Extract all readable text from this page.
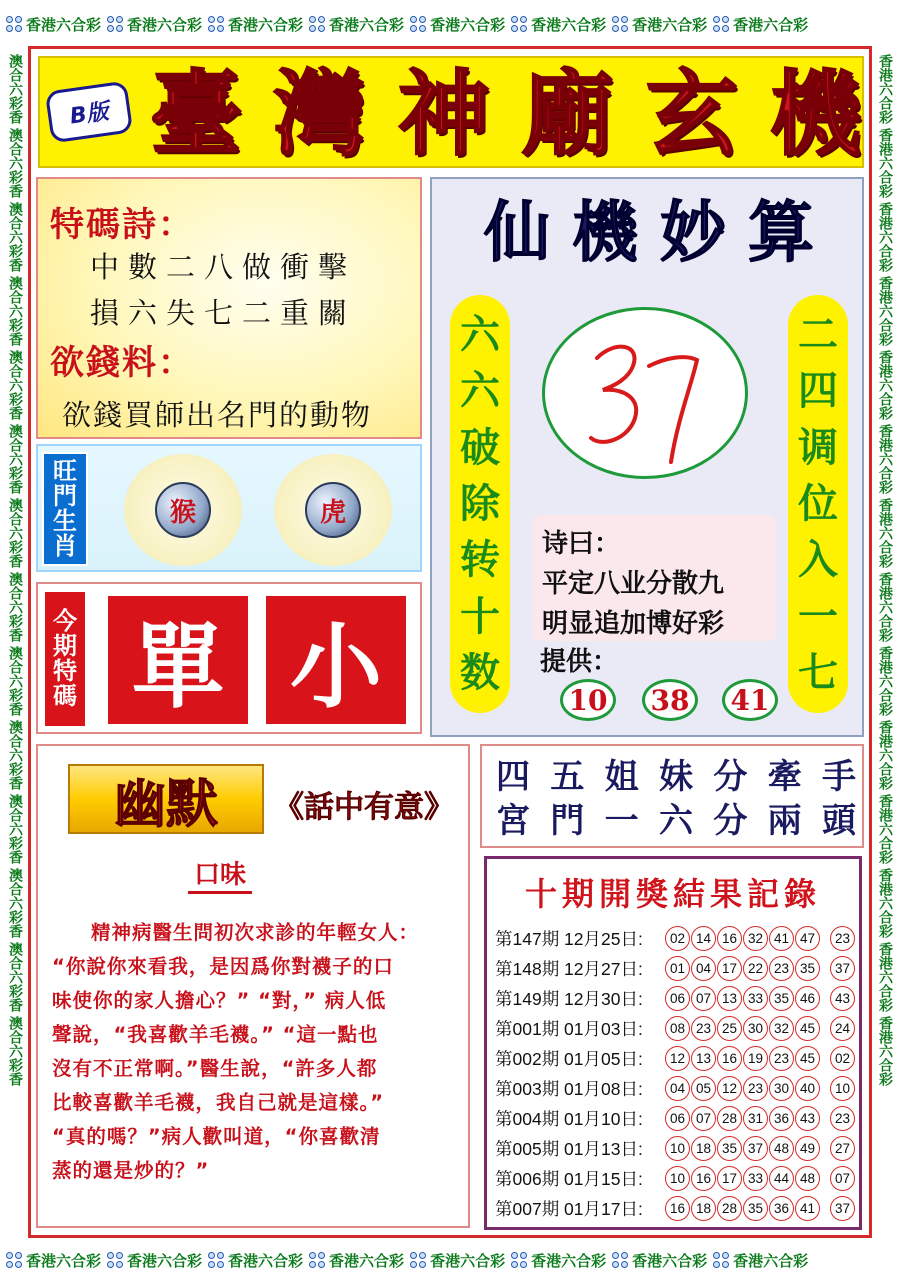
香港六合彩 香港六合彩 香港六合彩 香港六合彩 香港六合彩 香港六合彩 香港六合彩 香港六合彩
香港六合彩 香港六合彩 香港六合彩 香港六合彩 香港六合彩 香港六合彩 香港六合彩 香港六合彩
澳合六彩香
澳合六彩香
澳合六彩香
澳合六彩香
澳合六彩香
澳合六彩香
澳合六彩香
澳合六彩香
澳合六彩香
澳合六彩香
澳合六彩香
澳合六彩香
澳合六彩香
澳合六彩香
香港六合彩
香港六合彩
香港六合彩
香港六合彩
香港六合彩
香港六合彩
香港六合彩
香港六合彩
香港六合彩
香港六合彩
香港六合彩
香港六合彩
香港六合彩
香港六合彩
B版 臺 灣 神 廟 玄 機
特碼詩：
中數二八做衝擊
損六失七二重關
欲錢料：
欲錢買師出名門的動物
旺
門
生
肖
猴	虎
今
期
特
碼 單 小
仙 機 妙 算
六
六
破
除
转
十
数
二
四
调
位
入
一
七
诗曰：
平定八业分散九
明显追加博好彩
提供：
10	38	41
幽默	《話中有意》
口味
精神病醫生問初次求診的年輕女人：
“你說你來看我，是因爲你對襪子的口
味使你的家人擔心？” “對，” 病人低
聲說，“我喜歡羊毛襪。” “這一點也
沒有不正常啊。”醫生說，“許多人都
比較喜歡羊毛襪，我自己就是這樣。”
“真的嗎？”病人歡叫道，“你喜歡清
蒸的還是炒的？”
四 五 姐 妹 分 牽 手
宮 門 一 六 分 兩 頭
十期開獎結果記錄
第147期 12月25日:	02 14 16 32 41 47	23
第148期 12月27日:	01 04 17 22 23 35	37
第149期 12月30日:	06 07 13 33 35 46	43
第001期 01月03日:	08 23 25 30 32 45	24
第002期 01月05日:	12 13 16 19 23 45	02
第003期 01月08日:	04 05 12 23 30 40	10
第004期 01月10日:	06 07 28 31 36 43	23
第005期 01月13日:	10 18 35 37 48 49	27
第006期 01月15日:	10 16 17 33 44 48	07
第007期 01月17日:	16 18 28 35 36 41	37
